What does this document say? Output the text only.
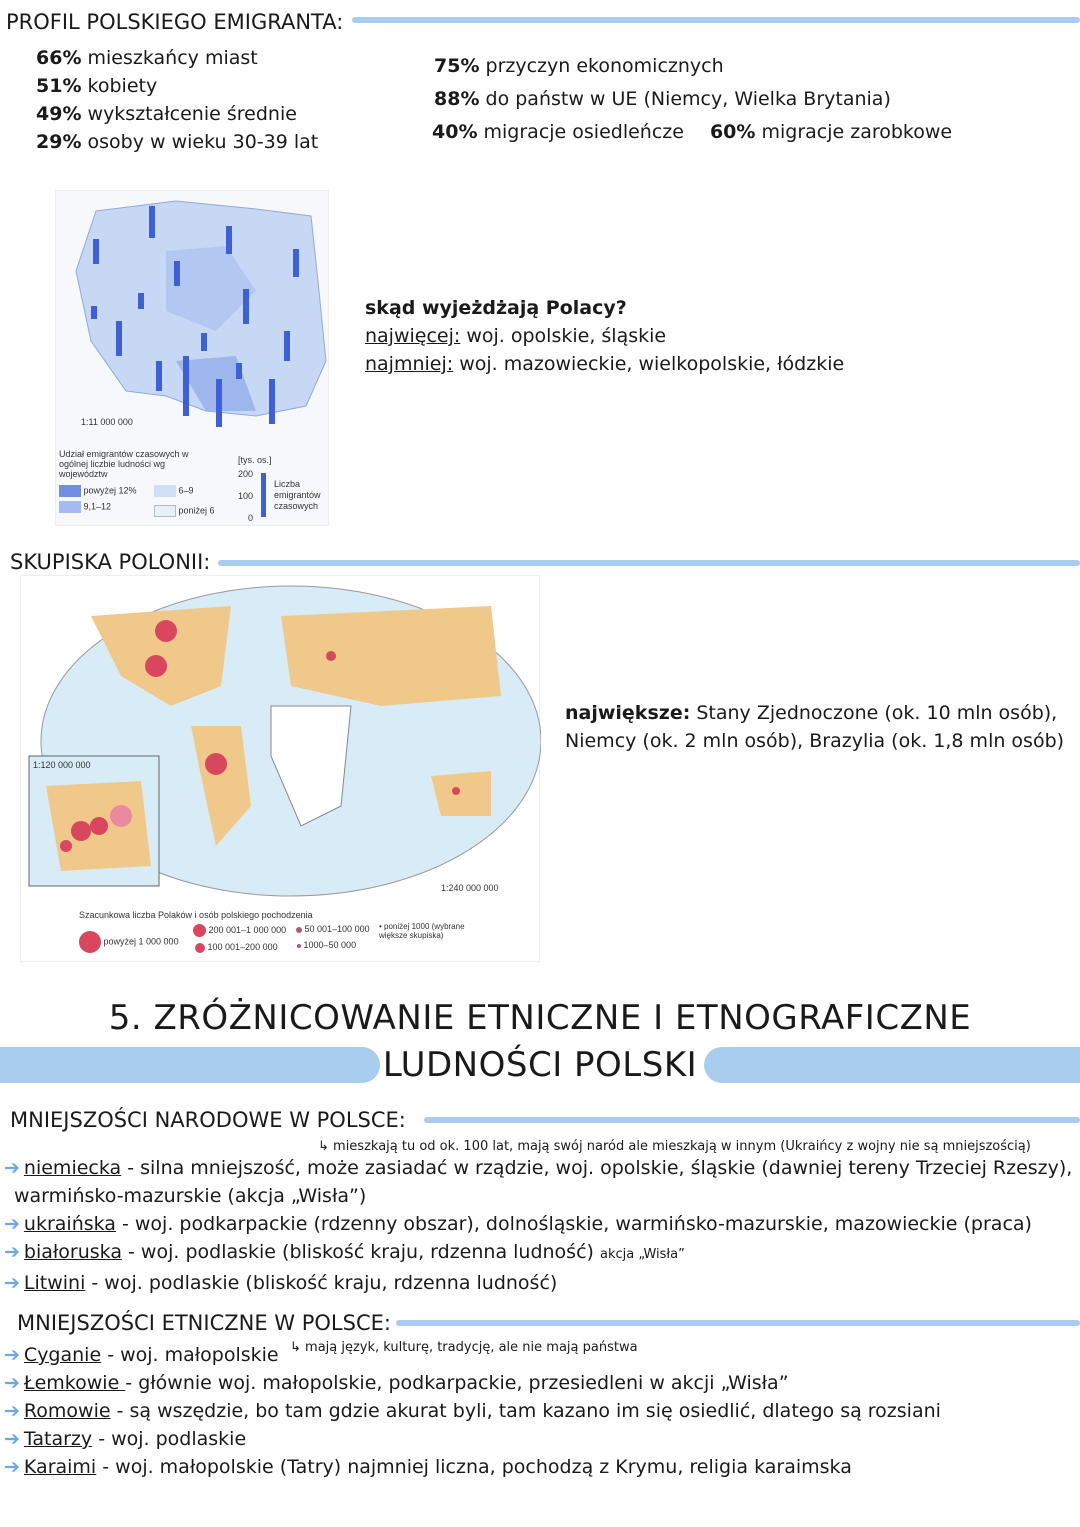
PROFIL POLSKIEGO EMIGRANTA:
66% mieszkańcy miast
51% kobiety
49% wykształcenie średnie
29% osoby w wieku 30-39 lat
75% przyczyn ekonomicznych
88% do państw w UE (Niemcy, Wielka Brytania)
40% migracje osiedleńcze 60% migracje zarobkowe
1:11 000 000
Udział emigrantów czasowych w ogólnej liczbie ludności wg województw
powyżej 12%
9,1–12
6–9
poniżej 6
[tys. os.]
200
100
0
Liczba emigrantów czasowych
skąd wyjeżdżają Polacy?
najwięcej: woj. opolskie, śląskie
najmniej: woj. mazowieckie, wielkopolskie, łódzkie
SKUPISKA POLONII:
1:120 000 000
1:240 000 000
Szacunkowa liczba Polaków i osób polskiego pochodzenia
powyżej 1 000 000
200 001–1 000 000
100 001–200 000
50 001–100 000
1000–50 000
• poniżej 1000 (wybrane większe skupiska)
największe: Stany Zjednoczone (ok. 10 mln osób),
Niemcy (ok. 2 mln osób), Brazylia (ok. 1,8 mln osób)
5. ZRÓŻNICOWANIE ETNICZNE I ETNOGRAFICZNE
LUDNOŚCI POLSKI
MNIEJSZOŚCI NARODOWE W POLSCE:
↳ mieszkają tu od ok. 100 lat, mają swój naród ale mieszkają w innym (Ukraińcy z wojny nie są mniejszością)
➔ niemiecka - silna mniejszość, może zasiadać w rządzie, woj. opolskie, śląskie (dawniej tereny Trzeciej Rzeszy),
warmińsko-mazurskie (akcja „Wisła”)
➔ ukraińska - woj. podkarpackie (rdzenny obszar), dolnośląskie, warmińsko-mazurskie, mazowieckie (praca)
➔ białoruska - woj. podlaskie (bliskość kraju, rdzenna ludność) akcja „Wisła”
➔ Litwini - woj. podlaskie (bliskość kraju, rdzenna ludność)
MNIEJSZOŚCI ETNICZNE W POLSCE:
↳ mają język, kulturę, tradycję, ale nie mają państwa
➔ Cyganie - woj. małopolskie
➔ Łemkowie - głównie woj. małopolskie, podkarpackie, przesiedleni w akcji „Wisła”
➔ Romowie - są wszędzie, bo tam gdzie akurat byli, tam kazano im się osiedlić, dlatego są rozsiani
➔ Tatarzy - woj. podlaskie
➔ Karaimi - woj. małopolskie (Tatry) najmniej liczna, pochodzą z Krymu, religia karaimska
